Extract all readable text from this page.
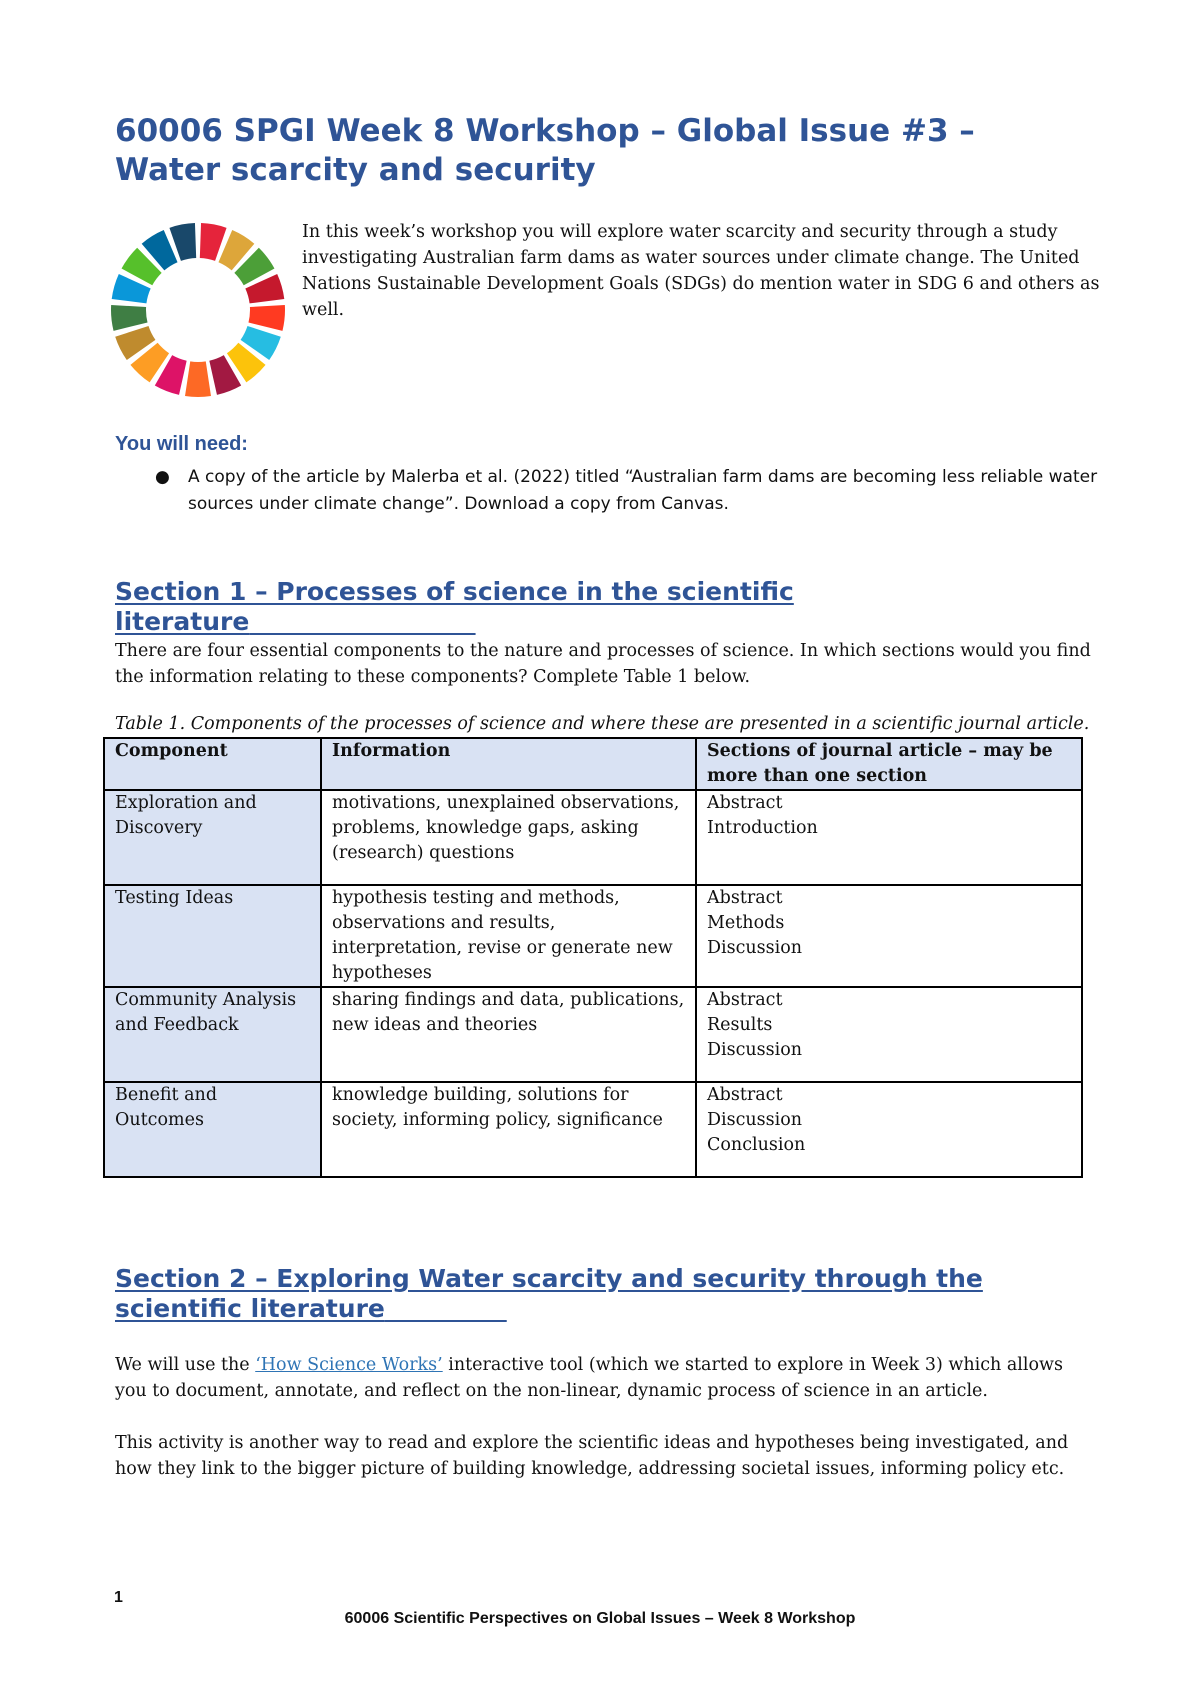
60006 SPGI Week 8 Workshop – Global Issue #3 – Water scarcity and security

In this week’s workshop you will explore water scarcity and security through a study investigating Australian farm dams as water sources under climate change. The United Nations Sustainable Development Goals (SDGs) do mention water in SDG 6 and others as well.

You will need:
● A copy of the article by Malerba et al. (2022) titled “Australian farm dams are becoming less reliable water sources under climate change”. Download a copy from Canvas.
Section 1 – Processes of science in the scientific literature

There are four essential components to the nature and processes of science. In which sections would you find the information relating to these components? Complete Table 1 below.

Table 1. Components of the processes of science and where these are presented in a scientific journal article.

Component	Information	Sections of journal article – may be more than one section
Exploration and Discovery	motivations, unexplained observations, problems, knowledge gaps, asking (research) questions	Abstract
Introduction

Testing Ideas	hypothesis testing and methods, observations and results, interpretation, revise or generate new hypotheses	Abstract
Methods
Discussion

Community Analysis and Feedback	sharing findings and data, publications, new ideas and theories	Abstract
Results
Discussion

Benefit and Outcomes	knowledge building, solutions for society, informing policy, significance	Abstract
Discussion
Conclusion
Section 2 – Exploring Water scarcity and security through the scientific literature

We will use the ‘How Science Works’ interactive tool (which we started to explore in Week 3) which allows you to document, annotate, and reflect on the non-linear, dynamic process of science in an article.

This activity is another way to read and explore the scientific ideas and hypotheses being investigated, and how they link to the bigger picture of building knowledge, addressing societal issues, informing policy etc.

1
60006 Scientific Perspectives on Global Issues – Week 8 Workshop
